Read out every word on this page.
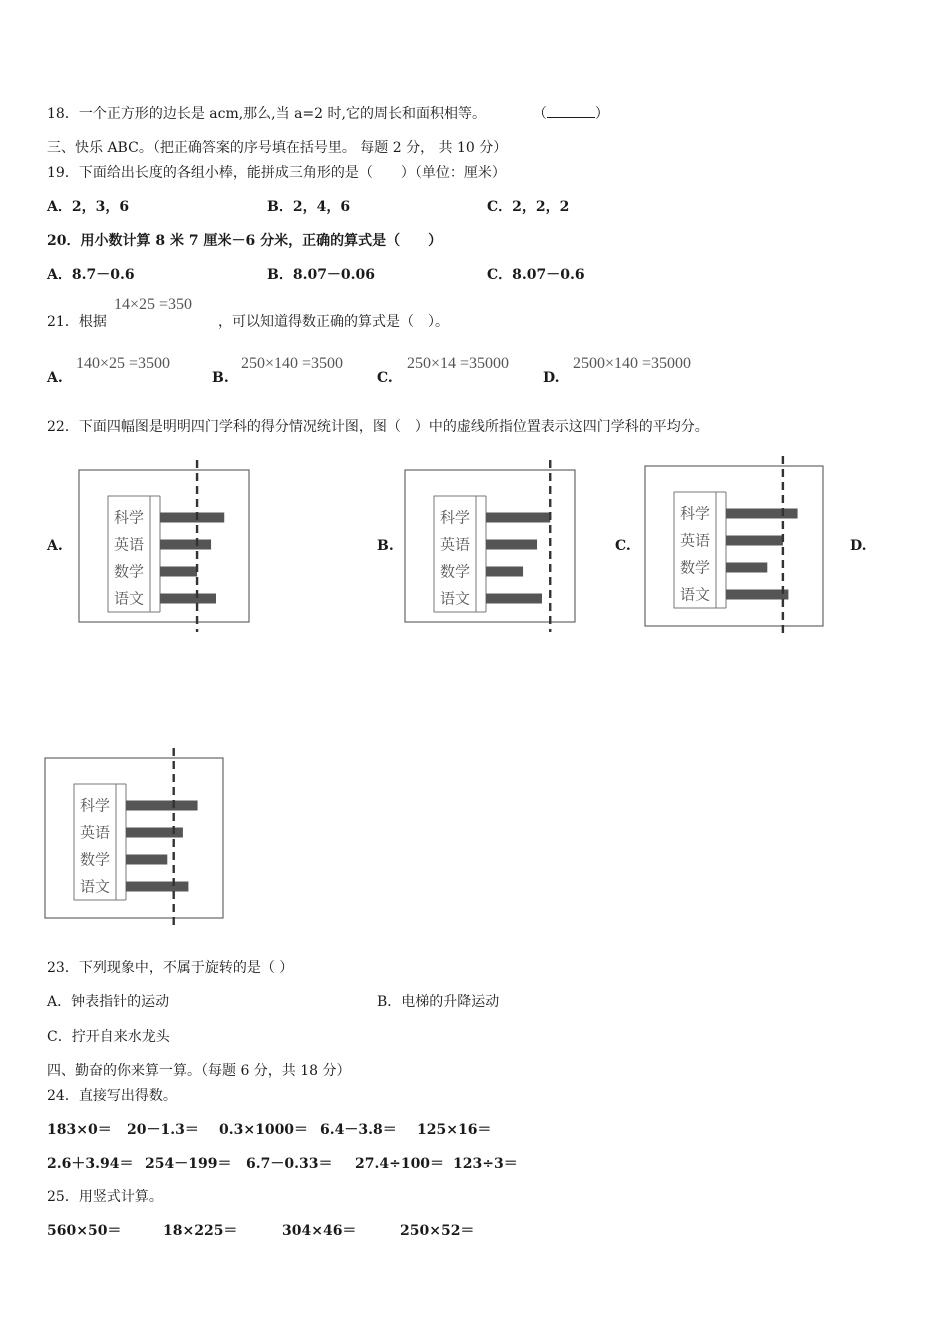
18．一个正方形的边长是 acm,那么,当 a=2 时,它的周长和面积相等。	（	）
三、快乐 ABC。（把正确答案的序号填在括号里。 每题 2 分， 共 10 分）
19．下面给出长度的各组小棒，能拼成三角形的是（　　）（单位：厘米）
A．2，3，6	B．2，4，6	C．2，2，2
20．用小数计算 8 米 7 厘米－6 分米，正确的算式是（　　）
A．8.7－0.6	B．8.07－0.06	C．8.07－0.6
21．根据
14×25 =350
，可以知道得数正确的算式是（　）。
A.
140×25 =3500
B.
250×140 =3500
C.
250×14 =35000
D.
2500×140 =35000
22．下面四幅图是明明四门学科的得分情况统计图，图（　）中的虚线所指位置表示这四门学科的平均分。
A.	B.	C.	D.
科学
英语
数学
语文
科学
英语
数学
语文
科学
英语
数学
语文
科学
英语
数学
语文
23．下列现象中，不属于旋转的是（ ）
A．钟表指针的运动	B．电梯的升降运动
C．拧开自来水龙头
四、勤奋的你来算一算。（每题 6 分，共 18 分）
24．直接写出得数。
183×0＝ 20－1.3＝ 0.3×1000＝ 6.4－3.8＝ 125×16＝
2.6＋3.94＝ 254－199＝ 6.7－0.33＝ 27.4÷100＝ 123÷3＝
25．用竖式计算。
560×50＝	18×225＝	304×46＝	250×52＝
